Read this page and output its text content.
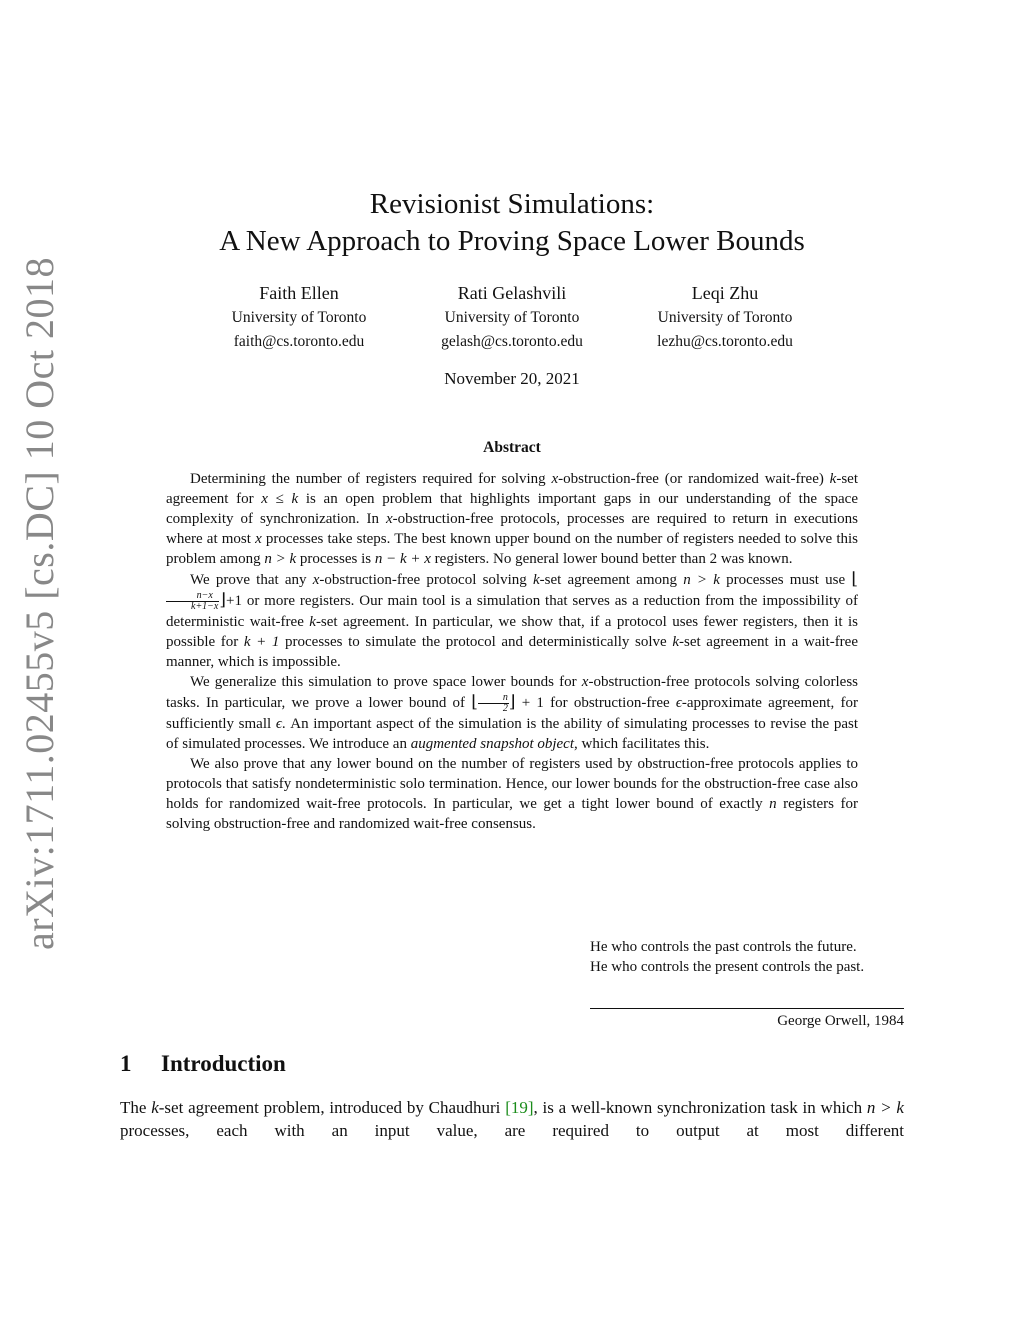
arXiv:1711.02455v5 [cs.DC] 10 Oct 2018
Revisionist Simulations:
A New Approach to Proving Space Lower Bounds
Faith Ellen
University of Toronto
faith@cs.toronto.edu
Rati Gelashvili
University of Toronto
gelash@cs.toronto.edu
Leqi Zhu
University of Toronto
lezhu@cs.toronto.edu
November 20, 2021
Abstract

Determining the number of registers required for solving x-obstruction-free (or randomized wait-free) k-set agreement for x ≤ k is an open problem that highlights important gaps in our understanding of the space complexity of synchronization. In x-obstruction-free protocols, processes are required to return in executions where at most x processes take steps. The best known upper bound on the number of registers needed to solve this problem among n > k processes is n − k + x registers. No general lower bound better than 2 was known.

We prove that any x-obstruction-free protocol solving k-set agreement among n > k processes must use ⌊
$\frac{n-x}{k+1-x}$ ⌋+1 or more registers. Our main tool is a simulation that serves as a reduction from the impossibility of deterministic wait-free k-set agreement. In particular, we show that, if a protocol uses fewer registers, then it is possible for k + 1 processes to simulate the protocol and deterministically solve k-set agreement in a wait-free manner, which is impossible.

We generalize this simulation to prove space lower bounds for x-obstruction-free protocols solving colorless tasks. In particular, we prove a lower bound of ⌊ $\frac{n}{2}$ ⌋ + 1 for obstruction-free ϵ-approximate agreement, for sufficiently small ϵ. An important aspect of the simulation is the ability of simulating processes to revise the past of simulated processes. We introduce an augmented snapshot object, which facilitates this.

We also prove that any lower bound on the number of registers used by obstruction-free protocols applies to protocols that satisfy nondeterministic solo termination. Hence, our lower bounds for the obstruction-free case also holds for randomized wait-free protocols. In particular, we get a tight lower bound of exactly n registers for solving obstruction-free and randomized wait-free consensus.

He who controls the past controls the future. He who controls the present controls the past.
George Orwell, 1984
1 Introduction

The k-set agreement problem, introduced by Chaudhuri [19], is a well-known synchronization task in which n > k processes, each with an input value, are required to output at most different
